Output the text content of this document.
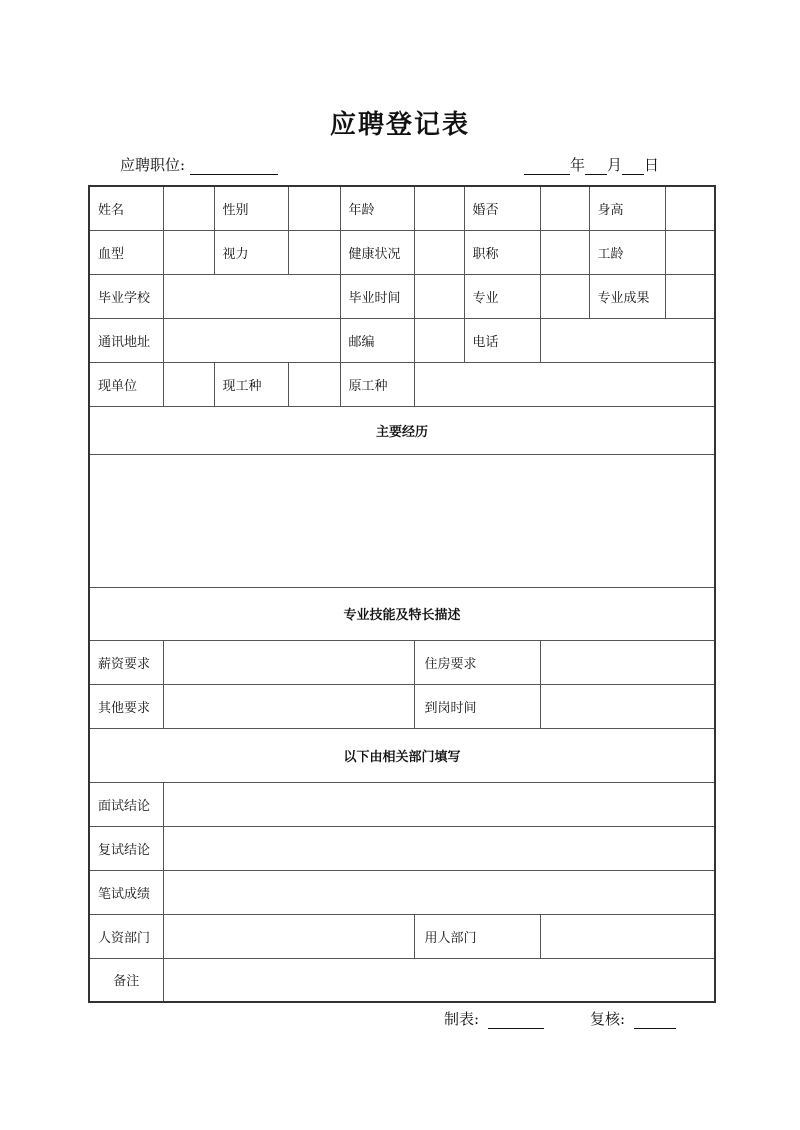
应聘登记表
应聘职位:	年 月 日
姓名		性别		年龄		婚否		身高	
血型		视力		健康状况		职称		工龄	
毕业学校				毕业时间		专业		专业成果	
通讯地址				邮编		电话			
现单位		现工种		原工种					
主要经历									

专业技能及特长描述									
薪资要求					住房要求				
其他要求					到岗时间				
以下由相关部门填写									
面试结论									
复试结论									
笔试成绩									
人资部门					用人部门				
备注									
制表:	复核:
